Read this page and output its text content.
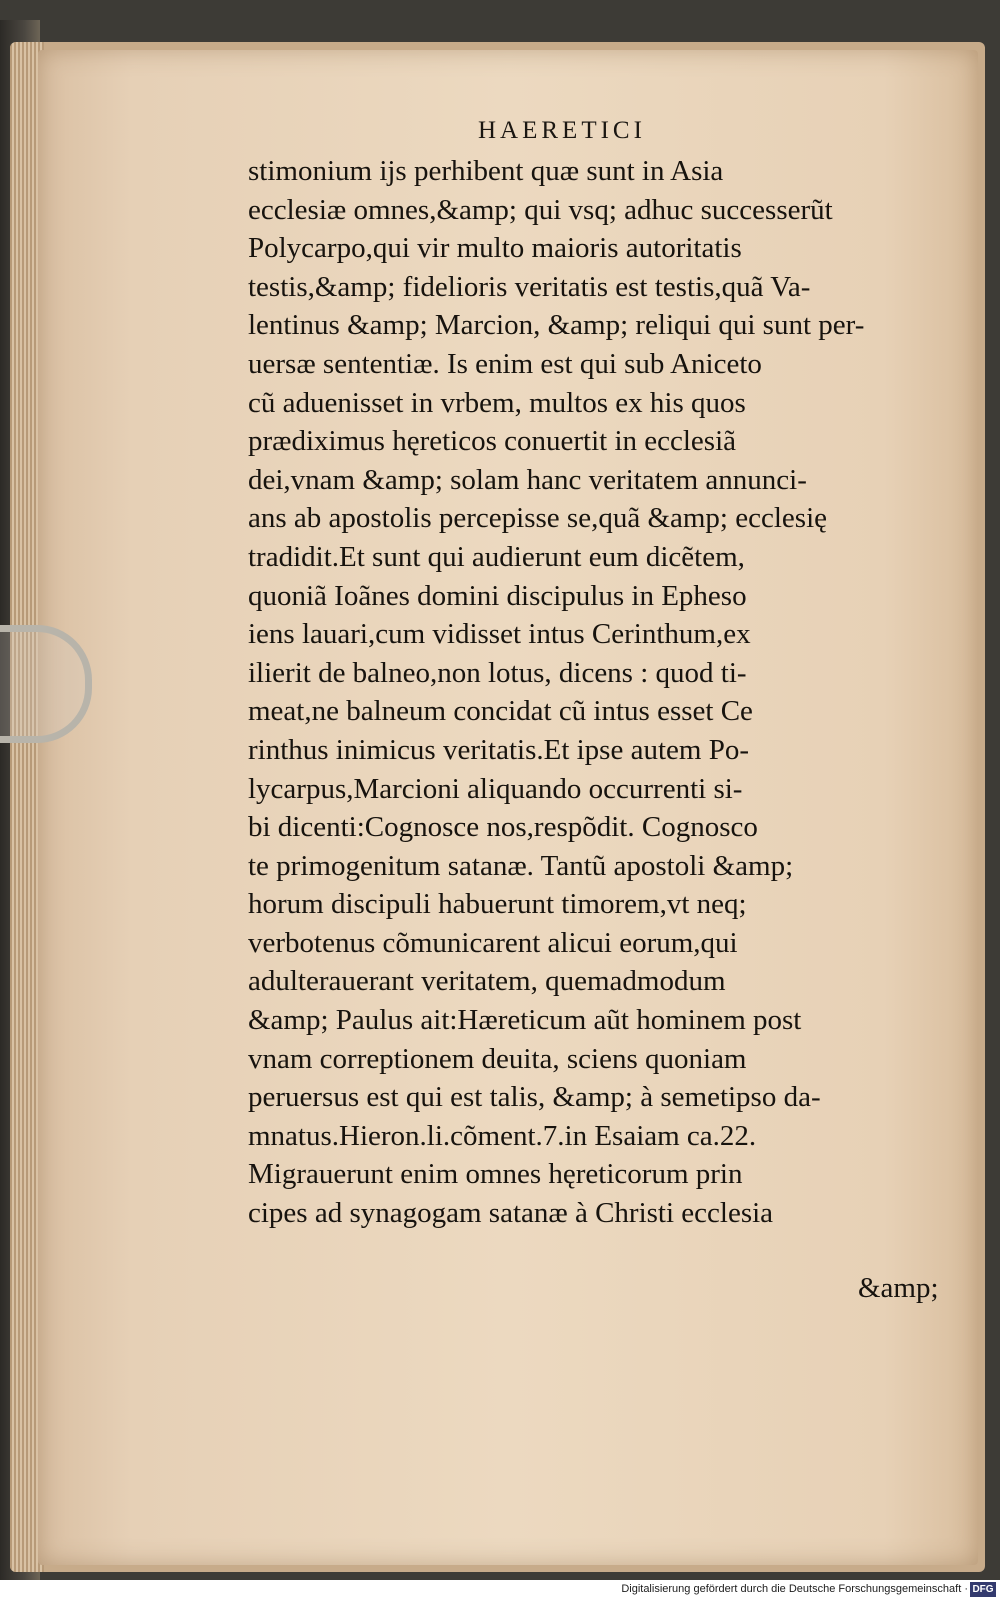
HAERETICI
stimonium ijs perhibent quæ sunt in Asia
ecclesiæ omnes,&amp; qui vsq; adhuc successerũt
Polycarpo,qui vir multo maioris autoritatis
testis,&amp; fidelioris veritatis est testis,quã Va-
lentinus &amp; Marcion, &amp; reliqui qui sunt per-
uersæ sententiæ. Is enim est qui sub Aniceto
cũ aduenisset in vrbem, multos ex his quos
prædiximus hęreticos conuertit in ecclesiã
dei,vnam &amp; solam hanc veritatem annunci-
ans ab apostolis percepisse se,quã &amp; ecclesię
tradidit.Et sunt qui audierunt eum dicẽtem,
quoniã Ioãnes domini discipulus in Epheso
iens lauari,cum vidisset intus Cerinthum,ex
ilierit de balneo,non lotus, dicens : quod ti-
meat,ne balneum concidat cũ intus esset Ce
rinthus inimicus veritatis.Et ipse autem Po-
lycarpus,Marcioni aliquando occurrenti si-
bi dicenti:Cognosce nos,respõdit. Cognosco
te primogenitum satanæ. Tantũ apostoli &amp;
horum discipuli habuerunt timorem,vt neq;
verbotenus cõmunicarent alicui eorum,qui
adulterauerant veritatem, quemadmodum
&amp; Paulus ait:Hæreticum aũt hominem post
vnam correptionem deuita, sciens quoniam
peruersus est qui est talis, &amp; à semetipso da-
mnatus.Hieron.li.cõment.7.in Esaiam ca.22.
Migrauerunt enim omnes hęreticorum prin
cipes ad synagogam satanæ à Christi ecclesia
&amp;
Digitalisierung gefördert durch die Deutsche Forschungsgemeinschaft · DFG
